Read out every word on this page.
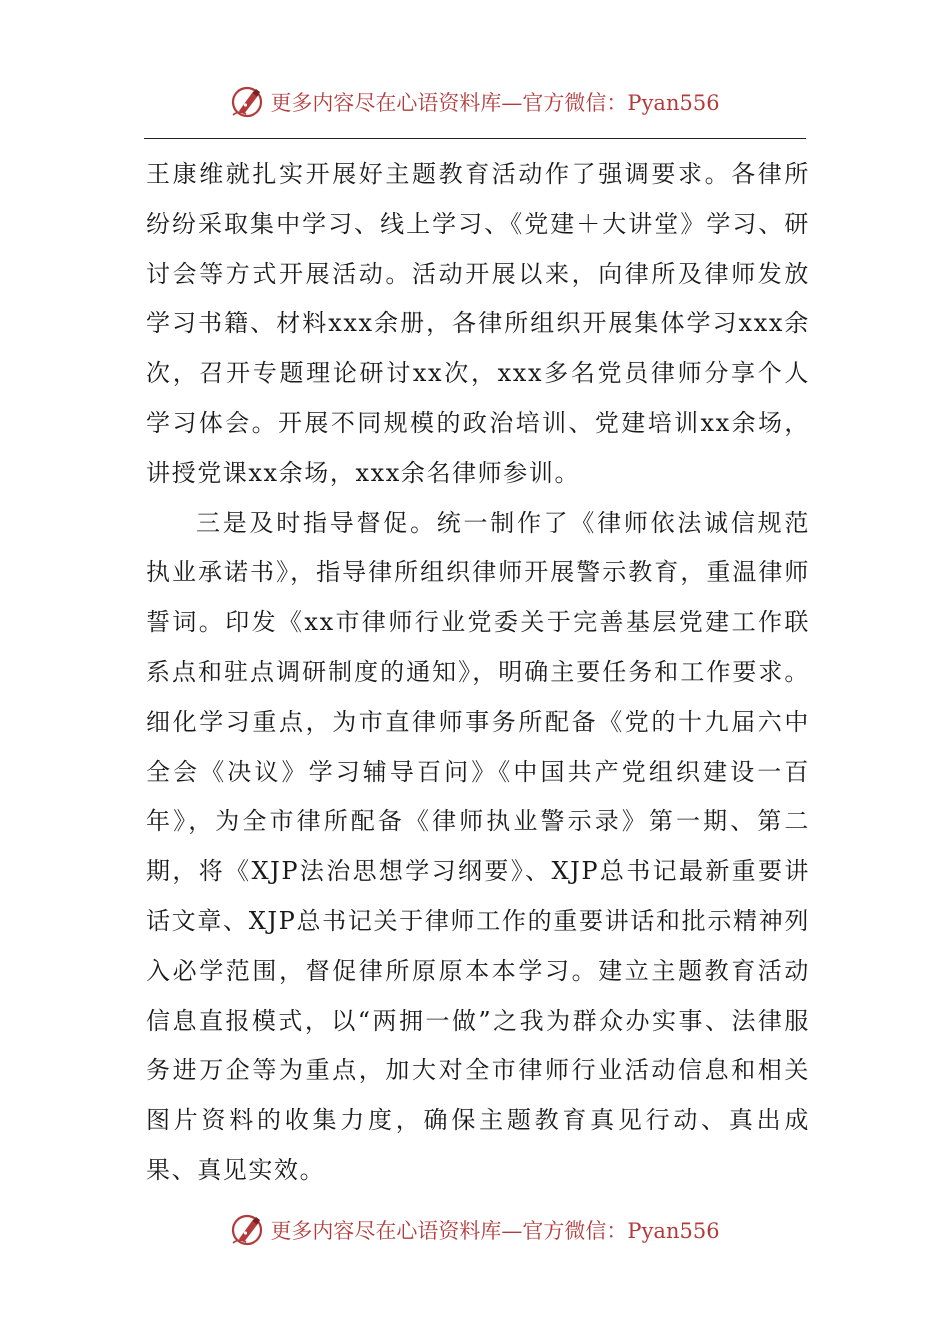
更多内容尽在心语资料库—官方微信：Pyan556

王康维就扎实开展好主题教育活动作了强调要求。各律所纷纷采取集中学习、线上学习、《党建＋大讲堂》学习、研讨会等方式开展活动。活动开展以来，向律所及律师发放学习书籍、材料xxx余册，各律所组织开展集体学习xxx余次，召开专题理论研讨xx次，xxx多名党员律师分享个人学习体会。开展不同规模的政治培训、党建培训xx余场，讲授党课xx余场，xxx余名律师参训。

三是及时指导督促。统一制作了《律师依法诚信规范执业承诺书》，指导律所组织律师开展警示教育，重温律师誓词。印发《xx市律师行业党委关于完善基层党建工作联系点和驻点调研制度的通知》，明确主要任务和工作要求。细化学习重点，为市直律师事务所配备《党的十九届六中全会《决议》学习辅导百问》《中国共产党组织建设一百年》，为全市律所配备《律师执业警示录》第一期、第二期，将《XJP法治思想学习纲要》、XJP总书记最新重要讲话文章、XJP总书记关于律师工作的重要讲话和批示精神列入必学范围，督促律所原原本本学习。建立主题教育活动信息直报模式，以“两拥一做”之我为群众办实事、法律服务进万企等为重点，加大对全市律师行业活动信息和相关图片资料的收集力度，确保主题教育真见行动、真出成果、真见实效。

更多内容尽在心语资料库—官方微信：Pyan556
